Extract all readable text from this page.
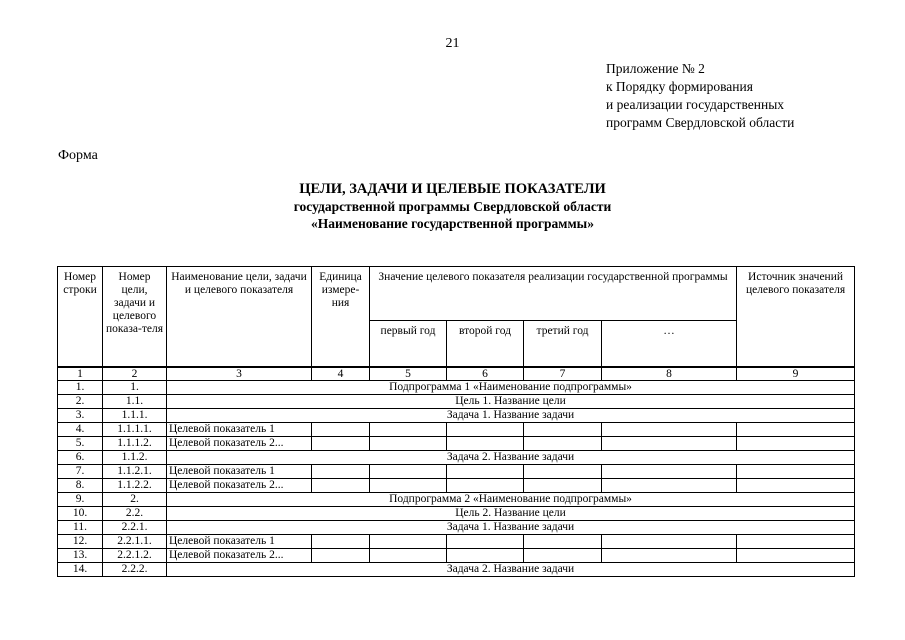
21
Приложение № 2
к Порядку формирования
и реализации государственных
программ Свердловской области
Форма
ЦЕЛИ, ЗАДАЧИ И ЦЕЛЕВЫЕ ПОКАЗАТЕЛИ
государственной программы Свердловской области
«Наименование государственной программы»
Номер строки	Номер цели, задачи и целевого показа-теля	Наименование цели, задачи и целевого показателя	Единица измере-ния	Значение целевого показателя реализации государственной программы				Источник значений целевого показателя
				первый год	второй год	третий год	…	
1	2	3	4	5	6	7	8	9
1.	1.	Подпрограмма 1 «Наименование подпрограммы»						
2.	1.1.	Цель 1. Название цели						
3.	1.1.1.	Задача 1. Название задачи						
4.	1.1.1.1.	Целевой показатель 1						
5.	1.1.1.2.	Целевой показатель 2...						
6.	1.1.2.	Задача 2. Название задачи						
7.	1.1.2.1.	Целевой показатель 1						
8.	1.1.2.2.	Целевой показатель 2...						
9.	2.	Подпрограмма 2 «Наименование подпрограммы»						
10.	2.2.	Цель 2. Название цели						
11.	2.2.1.	Задача 1. Название задачи						
12.	2.2.1.1.	Целевой показатель 1						
13.	2.2.1.2.	Целевой показатель 2...						
14.	2.2.2.	Задача 2. Название задачи						
